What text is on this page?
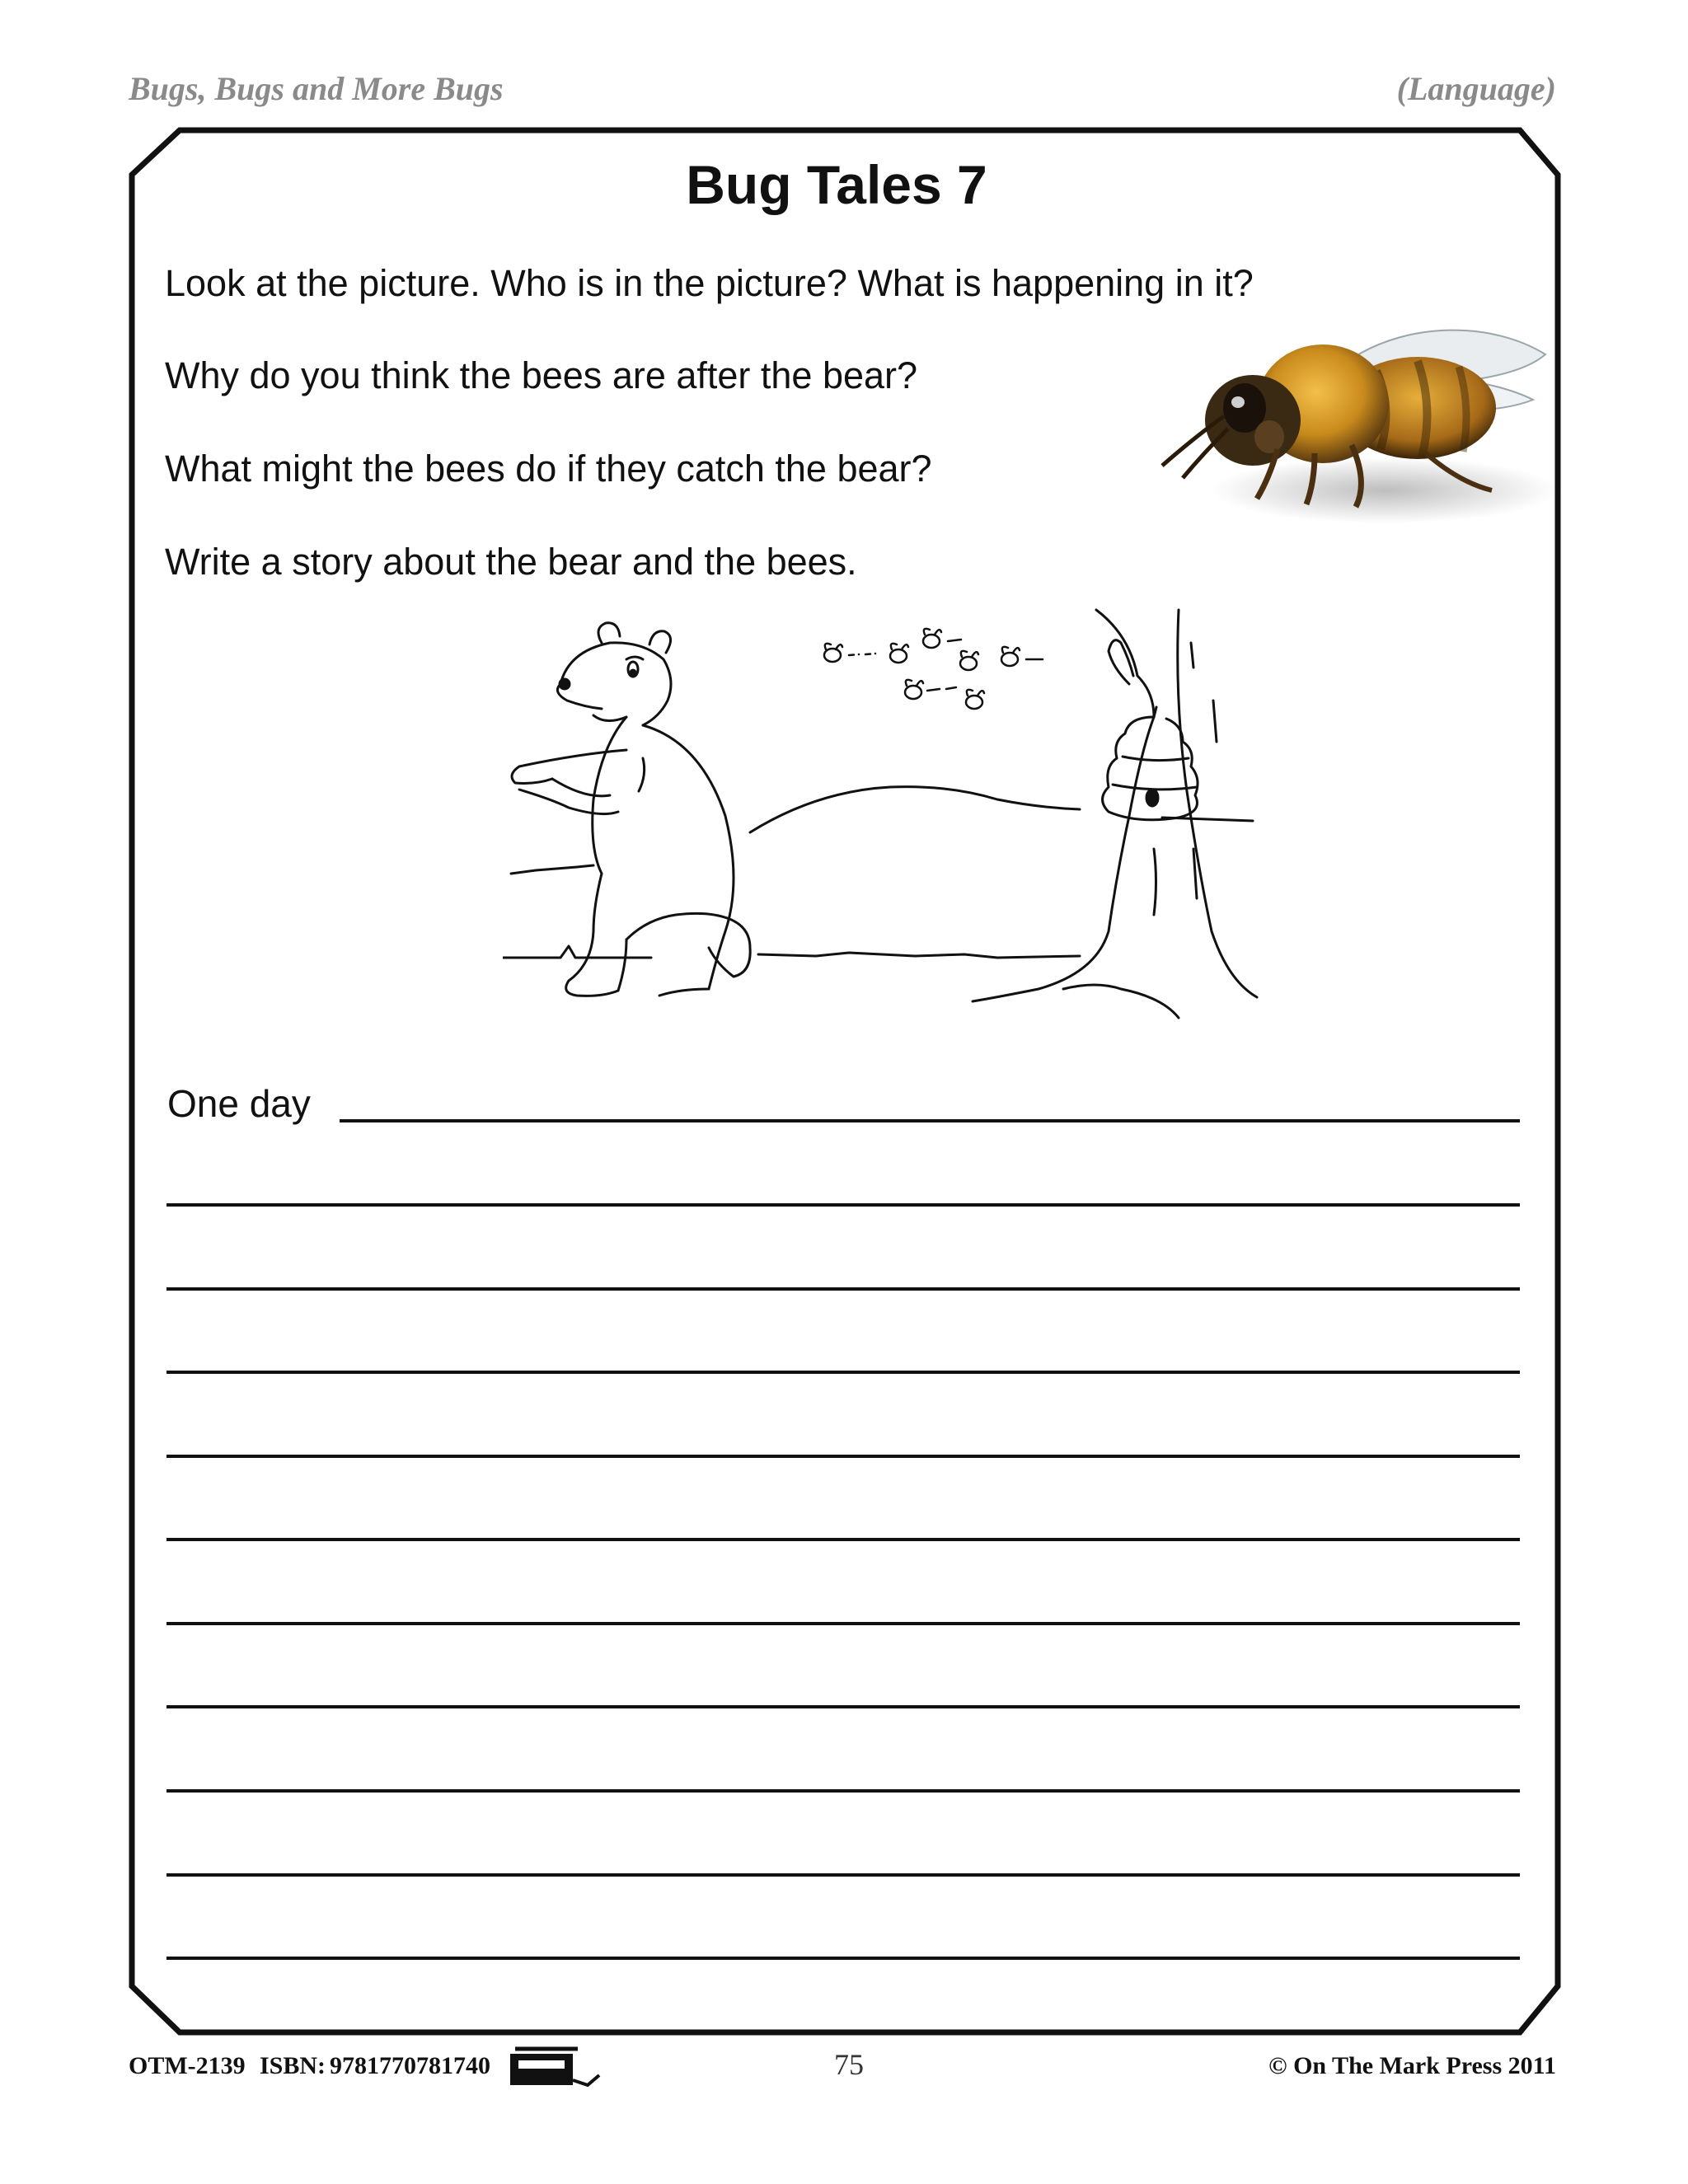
Bugs, Bugs and More Bugs	(Language)
Bug Tales 7
Look at the picture. Who is in the picture? What is happening in it?
Why do you think the bees are after the bear?
What might the bees do if they catch the bear?
Write a story about the bear and the bees.
One day
OTM-2139 ISBN: 9781770781740	75	© On The Mark Press 2011
